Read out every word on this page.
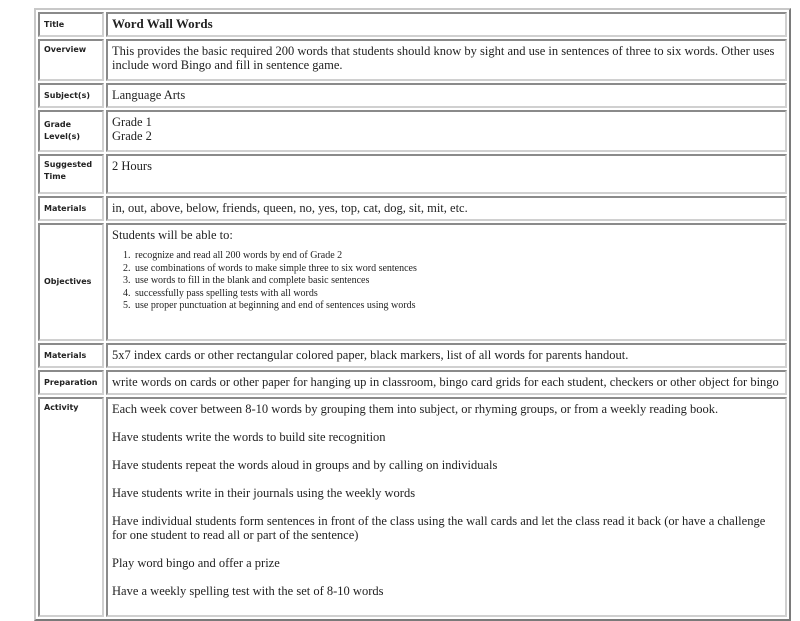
Title	Word Wall Words
Overview	This provides the basic required 200 words that students should know by sight and use in sentences of three to six words. Other uses include word Bingo and fill in sentence game.
Subject(s)	Language Arts
Grade Level(s)	Grade 1
Grade 2

Suggested Time	2 Hours
Materials	in, out, above, below, friends, queen, no, yes, top, cat, dog, sit, mit, etc.
Objectives	

Students will be able to:

1. recognize and read all 200 words by end of Grade 2
2. use combinations of words to make simple three to six word sentences
3. use words to fill in the blank and complete basic sentences
4. successfully pass spelling tests with all words
5. use proper punctuation at beginning and end of sentences using words

Materials	5x7 index cards or other rectangular colored paper, black markers, list of all words for parents handout.
Preparation	write words on cards or other paper for hanging up in classroom, bingo card grids for each student, checkers or other object for bingo
Activity	Each week cover between 8-10 words by grouping them into subject, or rhyming groups, or from a weekly reading book.

Have students write the words to build site recognition

Have students repeat the words aloud in groups and by calling on individuals

Have students write in their journals using the weekly words

Have individual students form sentences in front of the class using the wall cards and let the class read it back (or have a challenge for one student to read all or part of the sentence)

Play word bingo and offer a prize

Have a weekly spelling test with the set of 8-10 words
